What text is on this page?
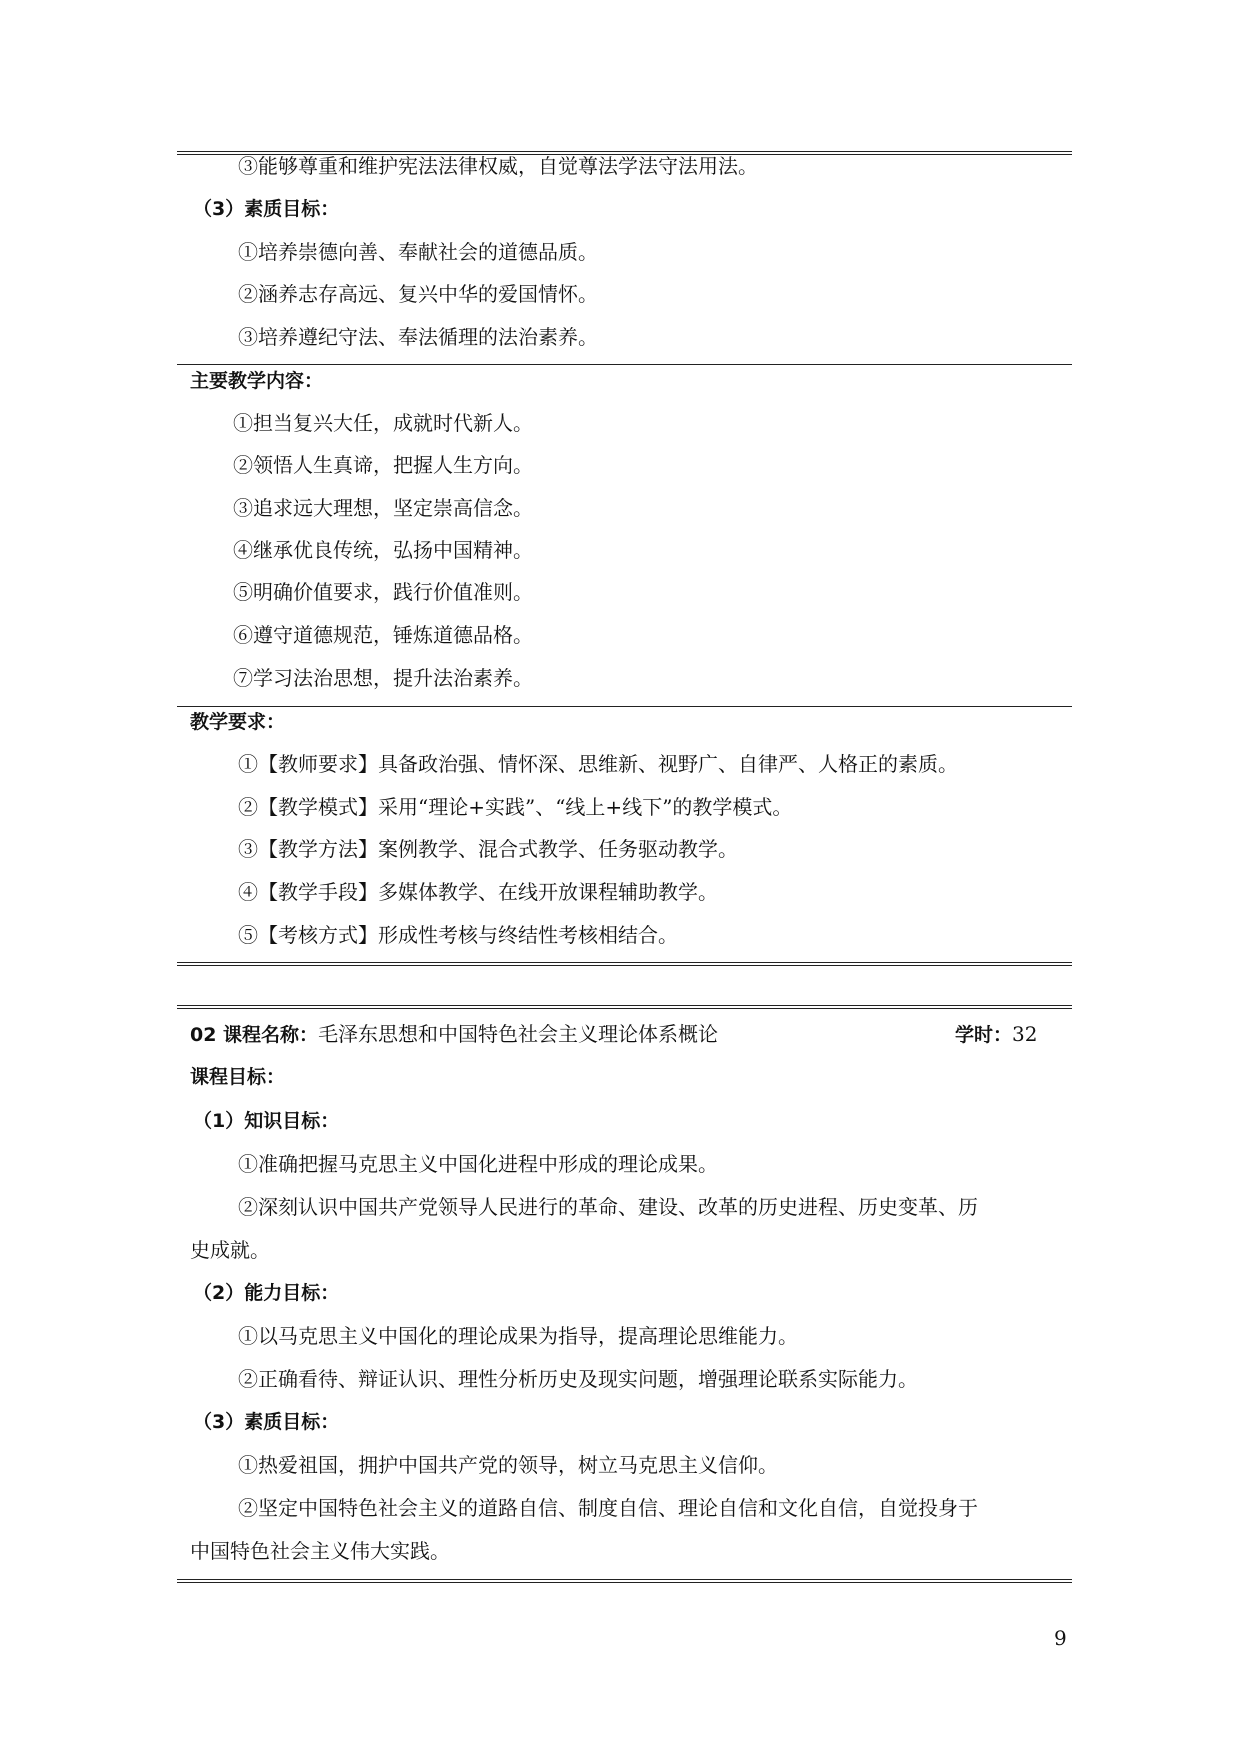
③能够尊重和维护宪法法律权威，自觉尊法学法守法用法。
（3）素质目标：
①培养崇德向善、奉献社会的道德品质。
②涵养志存高远、复兴中华的爱国情怀。
③培养遵纪守法、奉法循理的法治素养。
主要教学内容：
①担当复兴大任，成就时代新人。
②领悟人生真谛，把握人生方向。
③追求远大理想，坚定崇高信念。
④继承优良传统，弘扬中国精神。
⑤明确价值要求，践行价值准则。
⑥遵守道德规范，锤炼道德品格。
⑦学习法治思想，提升法治素养。
教学要求：
①【教师要求】具备政治强、情怀深、思维新、视野广、自律严、人格正的素质。
②【教学模式】采用“理论+实践”、“线上+线下”的教学模式。
③【教学方法】案例教学、混合式教学、任务驱动教学。
④【教学手段】多媒体教学、在线开放课程辅助教学。
⑤【考核方式】形成性考核与终结性考核相结合。
02 课程名称：毛泽东思想和中国特色社会主义理论体系概论	学时：32
课程目标：
（1）知识目标：
①准确把握马克思主义中国化进程中形成的理论成果。
②深刻认识中国共产党领导人民进行的革命、建设、改革的历史进程、历史变革、历
史成就。
（2）能力目标：
①以马克思主义中国化的理论成果为指导，提高理论思维能力。
②正确看待、辩证认识、理性分析历史及现实问题，增强理论联系实际能力。
（3）素质目标：
①热爱祖国，拥护中国共产党的领导，树立马克思主义信仰。
②坚定中国特色社会主义的道路自信、制度自信、理论自信和文化自信，自觉投身于
中国特色社会主义伟大实践。
9
